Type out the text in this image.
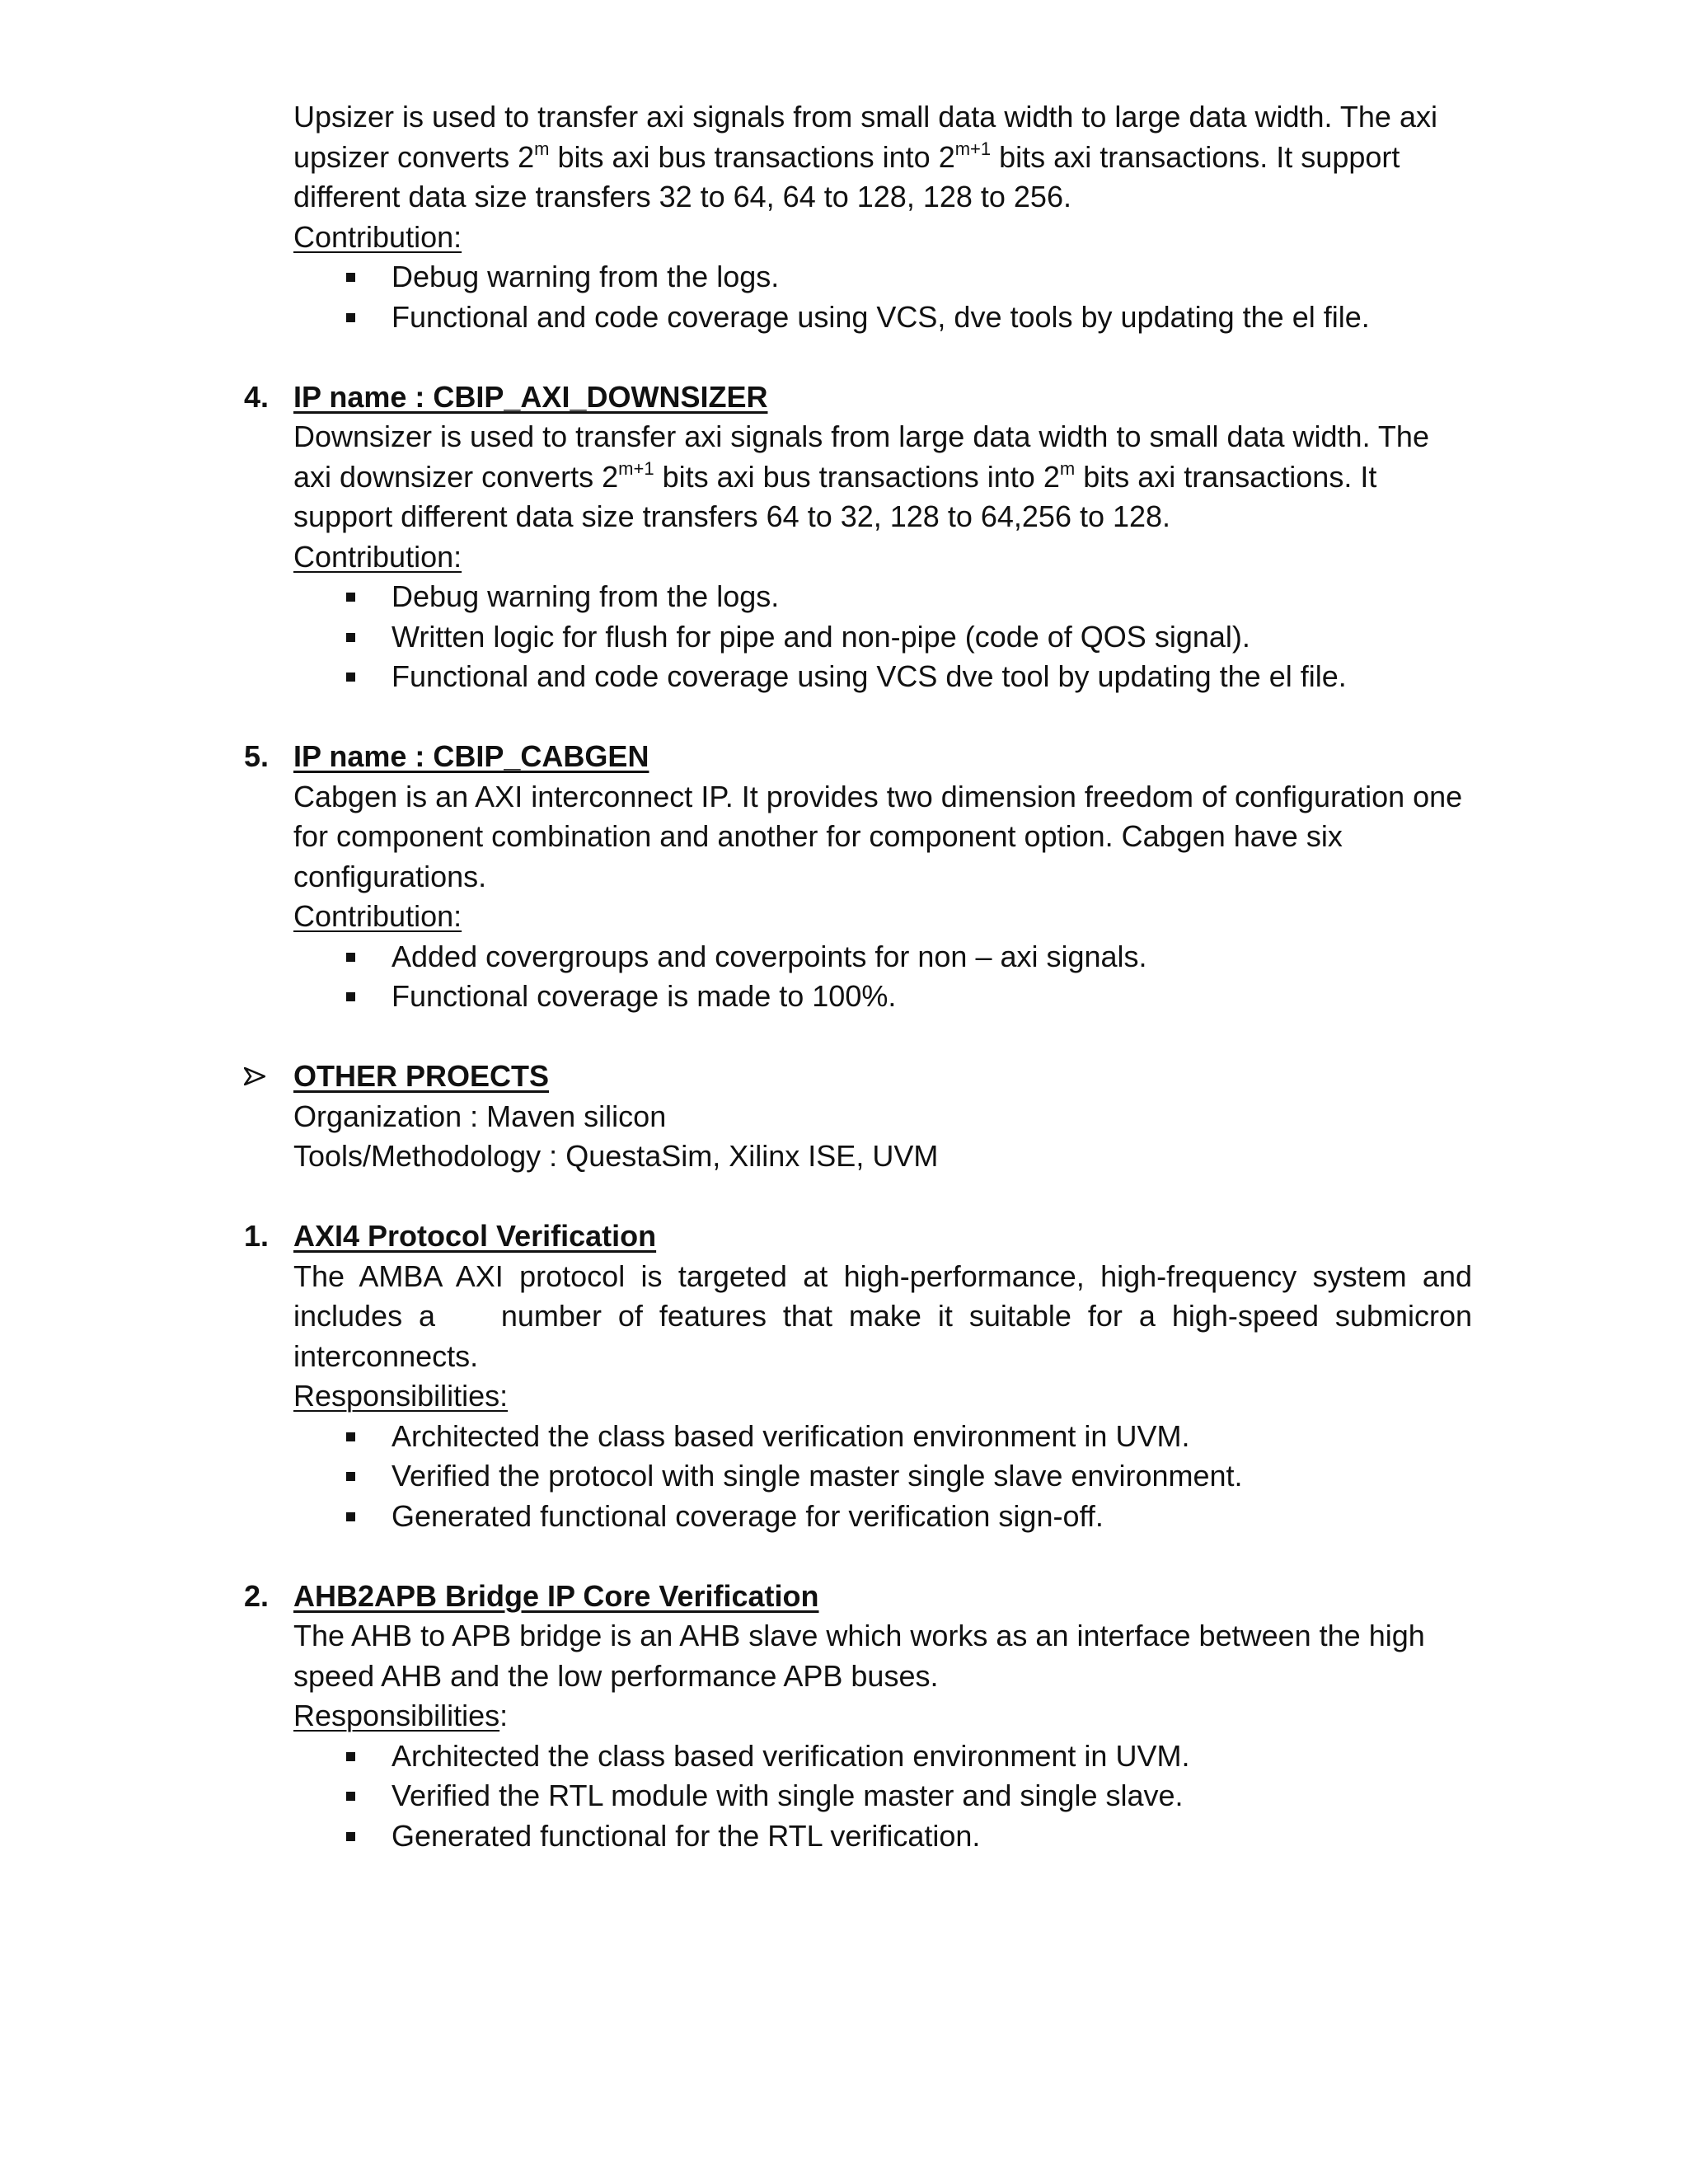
Upsizer is used to transfer axi signals from small data width to large data width. The axi upsizer converts 2$^m$ bits axi bus transactions into $2^{m+1}$ bits axi transactions. It support different data size transfers 32 to 64, 64 to 128, 128 to 256.

Contribution:

Debug warning from the logs.
Functional and code coverage using VCS, dve tools by updating the el file.

4. IP name : CBIP_AXI_DOWNSIZER

Downsizer is used to transfer axi signals from large data width to small data width. The axi downsizer converts $2^{m+1}$ bits axi bus transactions into 2$^m$ bits axi transactions. It support different data size transfers 64 to 32, 128 to 64,256 to 128.

Contribution:

Debug warning from the logs.
Written logic for flush for pipe and non-pipe (code of QOS signal).
Functional and code coverage using VCS dve tool by updating the el file.

5. IP name : CBIP_CABGEN

Cabgen is an AXI interconnect IP. It provides two dimension freedom of configuration one for component combination and another for component option. Cabgen have six configurations.

Contribution:

Added covergroups and coverpoints for non – axi signals.
Functional coverage is made to 100%.

OTHER PROECTS

Organization : Maven silicon

Tools/Methodology : QuestaSim, Xilinx ISE, UVM

1. AXI4 Protocol Verification

The AMBA AXI protocol is targeted at high-performance, high-frequency system and includes a    number of features that make it suitable for a high-speed submicron interconnects.

Responsibilities:

Architected the class based verification environment in UVM.
Verified the protocol with single master single slave environment.
Generated functional coverage for verification sign-off.

2. AHB2APB Bridge IP Core Verification

The AHB to APB bridge is an AHB slave which works as an interface between the high speed AHB and the low performance APB buses.

Responsibilities:

Architected the class based verification environment in UVM.
Verified the RTL module with single master and single slave.
Generated functional for the RTL verification.
